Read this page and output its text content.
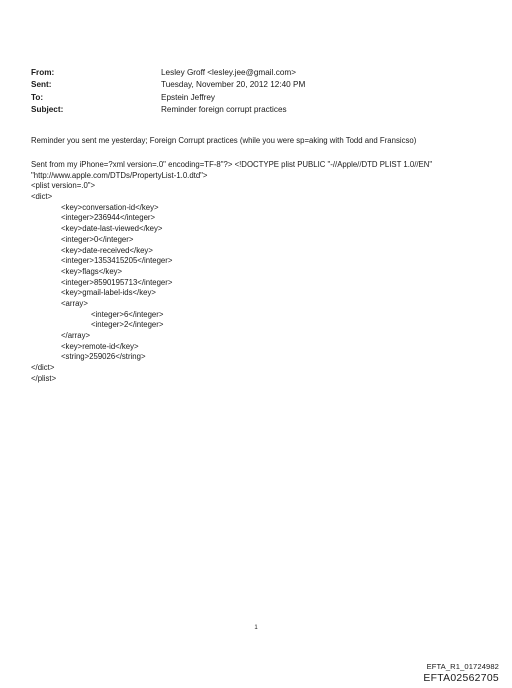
From:	Lesley Groff <lesley.jee@gmail.com>
Sent:	Tuesday, November 20, 2012 12:40 PM
To:	Epstein Jeffrey
Subject:	Reminder foreign corrupt practices
Reminder you sent me yesterday; Foreign Corrupt practices (while you were sp=aking with Todd and Fransicso)
Sent from my iPhone=?xml version=.0" encoding=TF-8"?> <!DOCTYPE plist PUBLIC "-//Apple//DTD PLIST 1.0//EN"
"http://www.apple.com/DTDs/PropertyList-1.0.dtd">
<plist version=.0">
<dict>
<key>conversation-id</key>
<integer>236944</integer>
<key>date-last-viewed</key>
<integer>0</integer>
<key>date-received</key>
<integer>1353415205</integer>
<key>flags</key>
<integer>8590195713</integer>
<key>gmail-label-ids</key>
<array>
<integer>6</integer>
<integer>2</integer>
</array>
<key>remote-id</key>
<string>259026</string>
</dict>
</plist>
1
EFTA_R1_01724982
EFTA02562705
